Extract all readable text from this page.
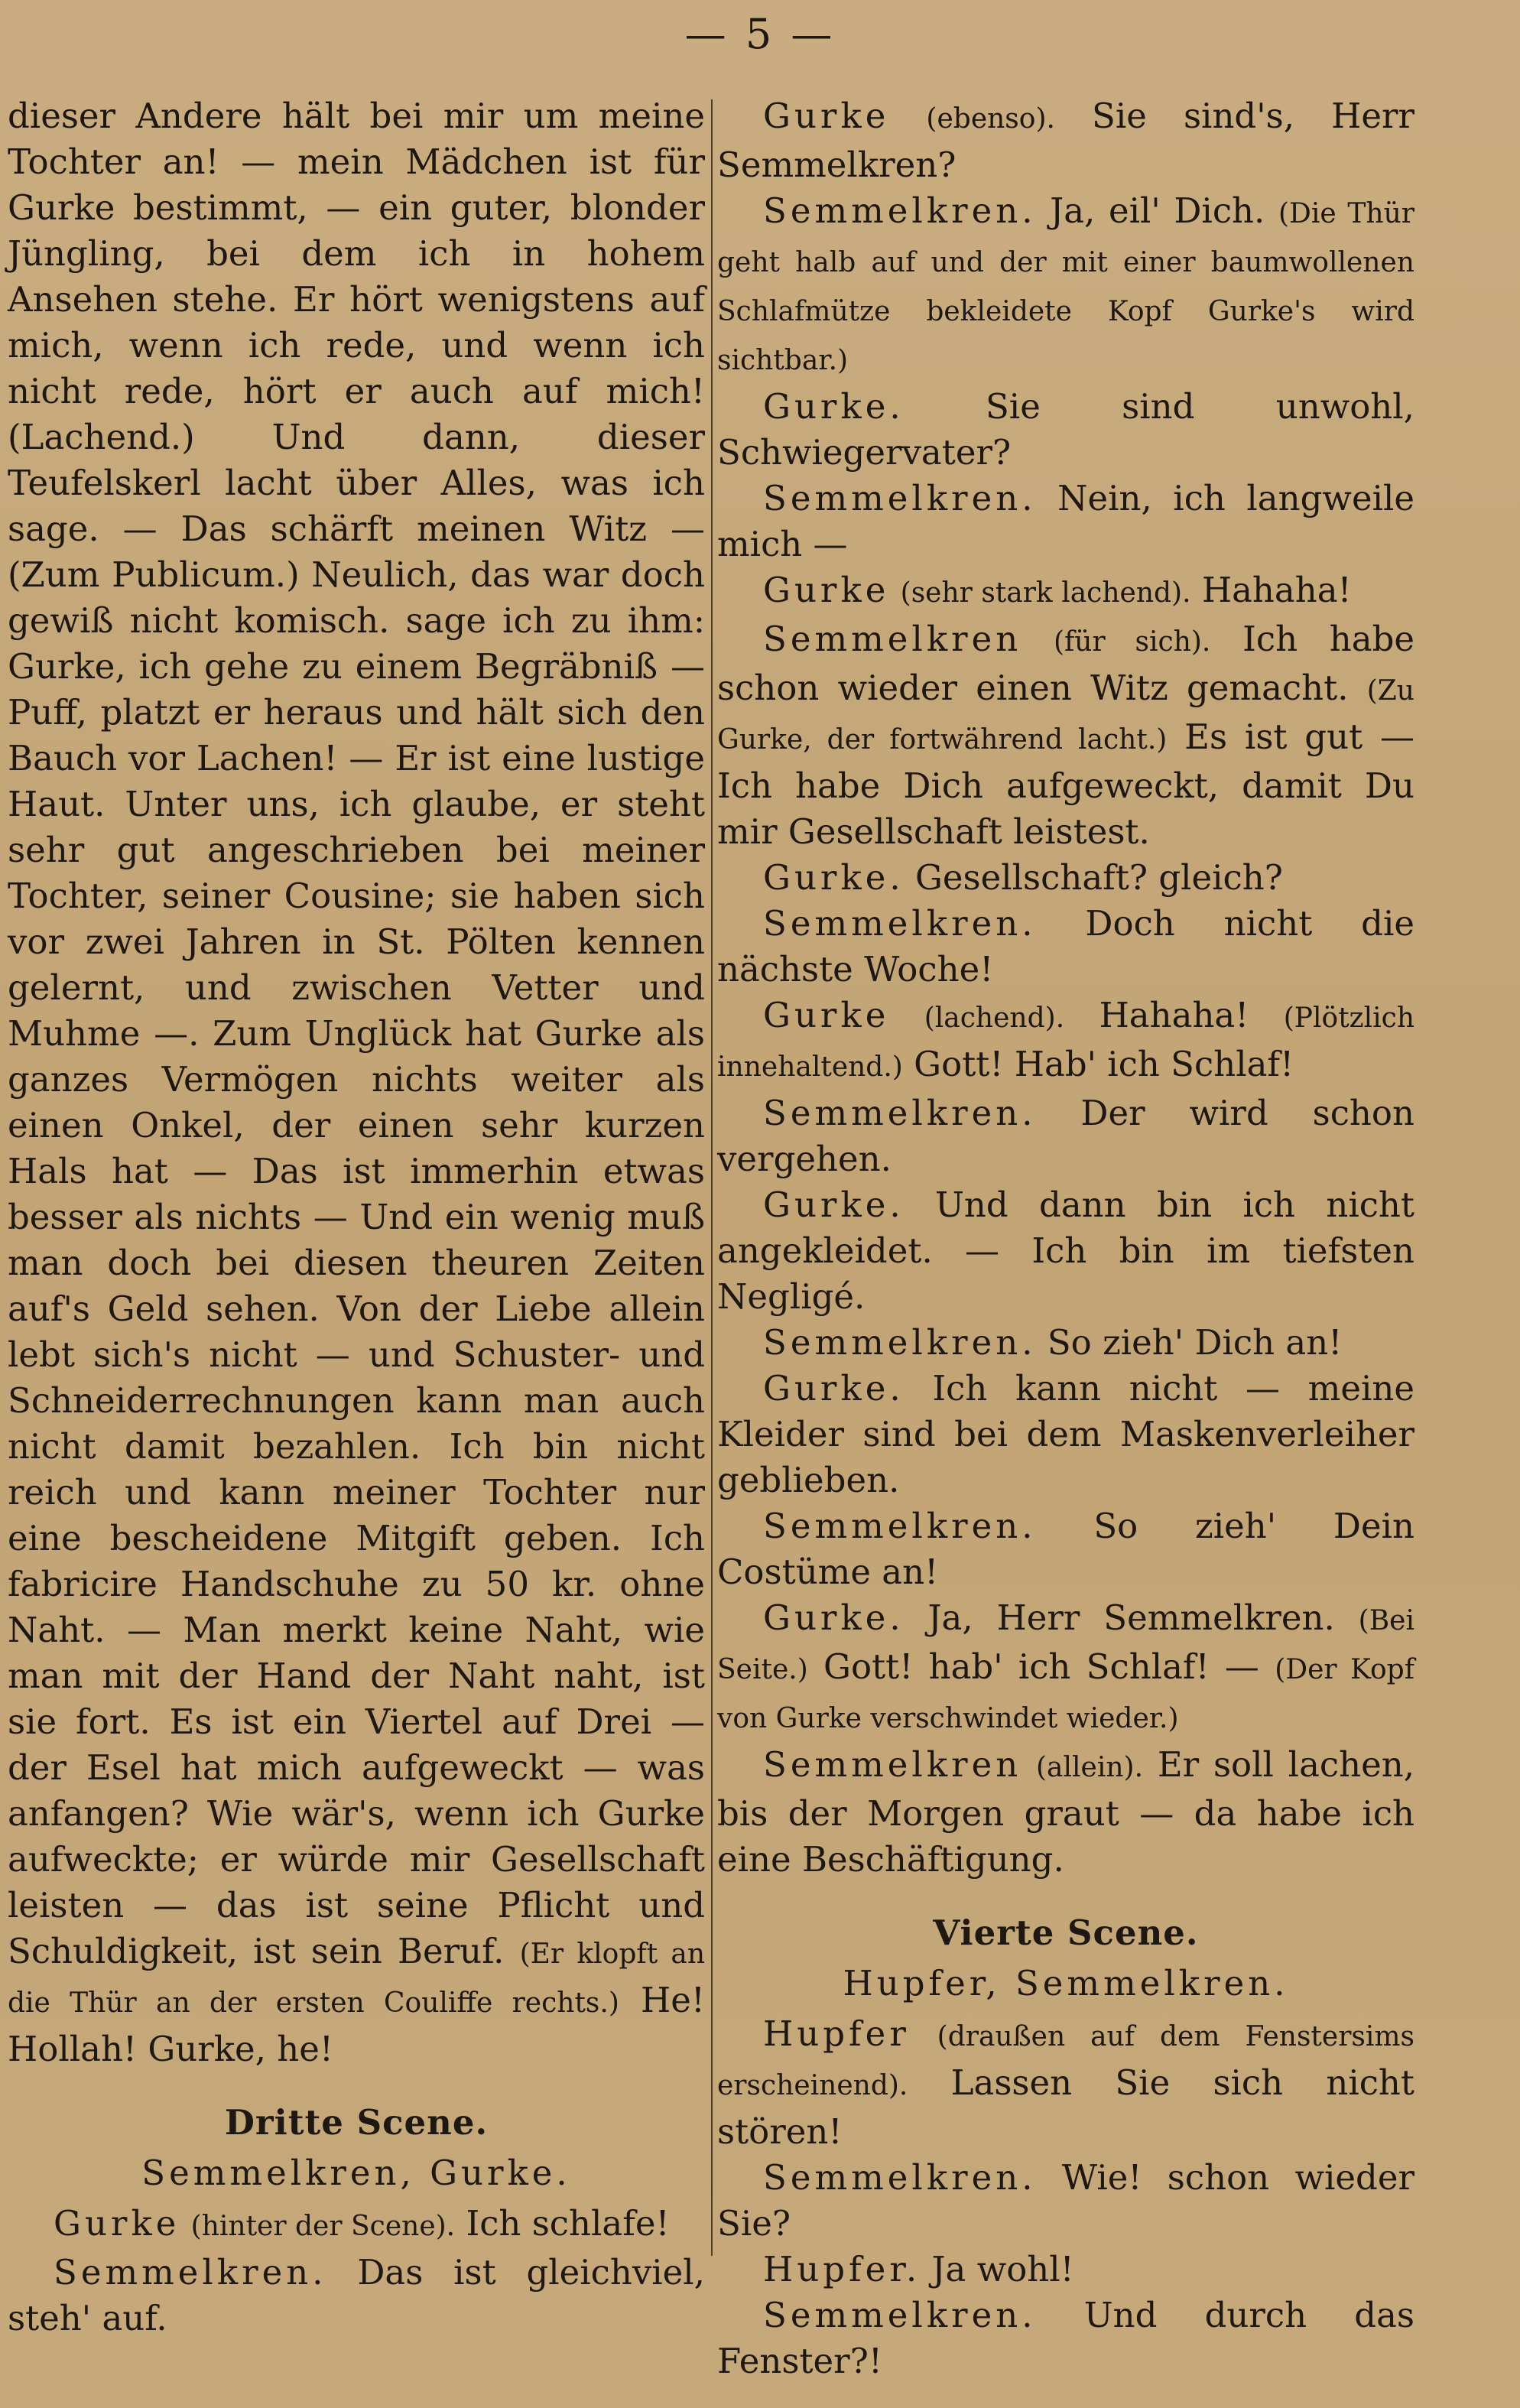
— 5 —

dieser Andere hält bei mir um meine Tochter an! — mein Mädchen ist für Gurke bestimmt, — ein guter, blonder Jüngling, bei dem ich in hohem Ansehen stehe. Er hört wenigstens auf mich, wenn ich rede, und wenn ich nicht rede, hört er auch auf mich! (Lachend.) Und dann, dieser Teufelskerl lacht über Alles, was ich sage. — Das schärft meinen Witz — (Zum Publicum.) Neulich, das war doch gewiß nicht komisch. sage ich zu ihm: Gurke, ich gehe zu einem Begräbniß — Puff, platzt er heraus und hält sich den Bauch vor Lachen! — Er ist eine lustige Haut. Unter uns, ich glaube, er steht sehr gut angeschrieben bei meiner Tochter, seiner Cousine; sie haben sich vor zwei Jahren in St. Pölten kennen gelernt, und zwischen Vetter und Muhme —. Zum Unglück hat Gurke als ganzes Vermögen nichts weiter als einen Onkel, der einen sehr kurzen Hals hat — Das ist immerhin etwas besser als nichts — Und ein wenig muß man doch bei diesen theuren Zeiten auf's Geld sehen. Von der Liebe allein lebt sich's nicht — und Schuster- und Schneiderrechnungen kann man auch nicht damit bezahlen. Ich bin nicht reich und kann meiner Tochter nur eine bescheidene Mitgift geben. Ich fabricire Handschuhe zu 50 kr. ohne Naht. — Man merkt keine Naht, wie man mit der Hand der Naht naht, ist sie fort. Es ist ein Viertel auf Drei — der Esel hat mich aufgeweckt — was anfangen? Wie wär's, wenn ich Gurke aufweckte; er würde mir Gesellschaft leisten — das ist seine Pflicht und Schuldigkeit, ist sein Beruf. (Er klopft an die Thür an der ersten Couliffe rechts.) He! Hollah! Gurke, he!

Dritte Scene.
Semmelkren, Gurke.

Gurke (hinter der Scene). Ich schlafe!

Semmelkren. Das ist gleichviel, steh' auf.

Gurke (ebenso). Sie sind's, Herr Semmelkren?

Semmelkren. Ja, eil' Dich. (Die Thür geht halb auf und der mit einer baumwollenen Schlafmütze bekleidete Kopf Gurke's wird sichtbar.)

Gurke. Sie sind unwohl, Schwiegervater?

Semmelkren. Nein, ich langweile mich —

Gurke (sehr stark lachend). Hahaha!

Semmelkren (für sich). Ich habe schon wieder einen Witz gemacht. (Zu Gurke, der fortwährend lacht.) Es ist gut — Ich habe Dich aufgeweckt, damit Du mir Gesellschaft leistest.

Gurke. Gesellschaft? gleich?

Semmelkren. Doch nicht die nächste Woche!

Gurke (lachend). Hahaha! (Plötzlich innehaltend.) Gott! Hab' ich Schlaf!

Semmelkren. Der wird schon vergehen.

Gurke. Und dann bin ich nicht angekleidet. — Ich bin im tiefsten Negligé.

Semmelkren. So zieh' Dich an!

Gurke. Ich kann nicht — meine Kleider sind bei dem Maskenverleiher geblieben.

Semmelkren. So zieh' Dein Costüme an!

Gurke. Ja, Herr Semmelkren. (Bei Seite.) Gott! hab' ich Schlaf! — (Der Kopf von Gurke verschwindet wieder.)

Semmelkren (allein). Er soll lachen, bis der Morgen graut — da habe ich eine Beschäftigung.

Vierte Scene.
Hupfer, Semmelkren.

Hupfer (draußen auf dem Fenstersims erscheinend). Lassen Sie sich nicht stören!

Semmelkren. Wie! schon wieder Sie?

Hupfer. Ja wohl!

Semmelkren. Und durch das Fenster?!
